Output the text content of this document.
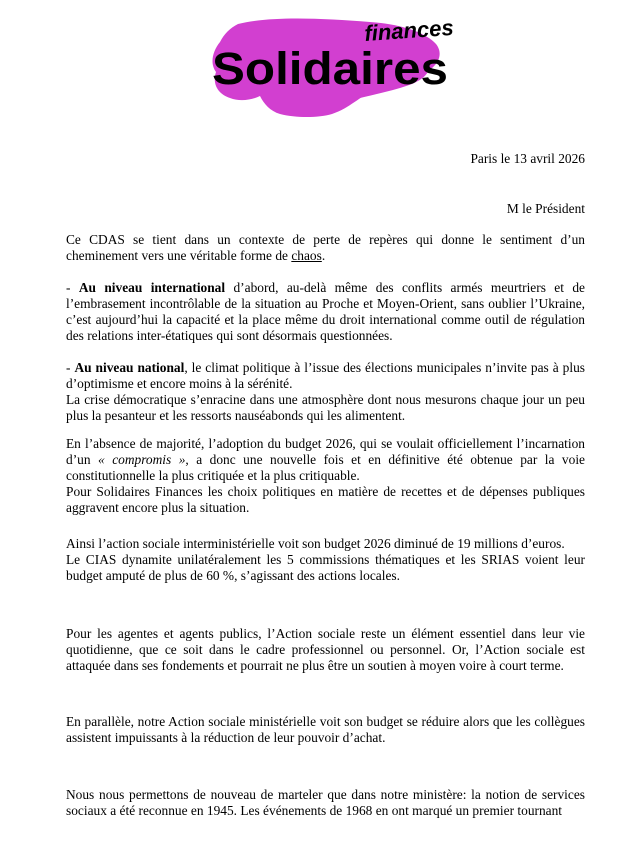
finances
Solidaires
Paris le 13 avril 2026
M le Président

Ce CDAS se tient dans un contexte de perte de repères qui donne le sentiment d’un cheminement vers une véritable forme de chaos.

- Au niveau international d’abord, au-delà même des conflits armés meurtriers et de l’embrasement incontrôlable de la situation au Proche et Moyen-Orient, sans oublier l’Ukraine, c’est aujourd’hui la capacité et la place même du droit international comme outil de régulation des relations inter-étatiques qui sont désormais questionnées.

- Au niveau national, le climat politique à l’issue des élections municipales n’invite pas à plus d’optimisme et encore moins à la sérénité.

La crise démocratique s’enracine dans une atmosphère dont nous mesurons chaque jour un peu plus la pesanteur et les ressorts nauséabonds qui les alimentent.

En l’absence de majorité, l’adoption du budget 2026, qui se voulait officiellement l’incarnation d’un « compromis », a donc une nouvelle fois et en définitive été obtenue par la voie constitutionnelle la plus critiquée et la plus critiquable.

Pour Solidaires Finances les choix politiques en matière de recettes et de dépenses publiques aggravent encore plus la situation.

Ainsi l’action sociale interministérielle voit son budget 2026 diminué de 19 millions d’euros.

Le CIAS dynamite unilatéralement les 5 commissions thématiques et les SRIAS voient leur budget amputé de plus de 60 %, s’agissant des actions locales.

Pour les agentes et agents publics, l’Action sociale reste un élément essentiel dans leur vie quotidienne, que ce soit dans le cadre professionnel ou personnel. Or, l’Action sociale est attaquée dans ses fondements et pourrait ne plus être un soutien à moyen voire à court terme.

En parallèle, notre Action sociale ministérielle voit son budget se réduire alors que les collègues assistent impuissants à la réduction de leur pouvoir d’achat.

Nous nous permettons de nouveau de marteler que dans notre ministère: la notion de services sociaux a été reconnue en 1945. Les événements de 1968 en ont marqué un premier tournant
